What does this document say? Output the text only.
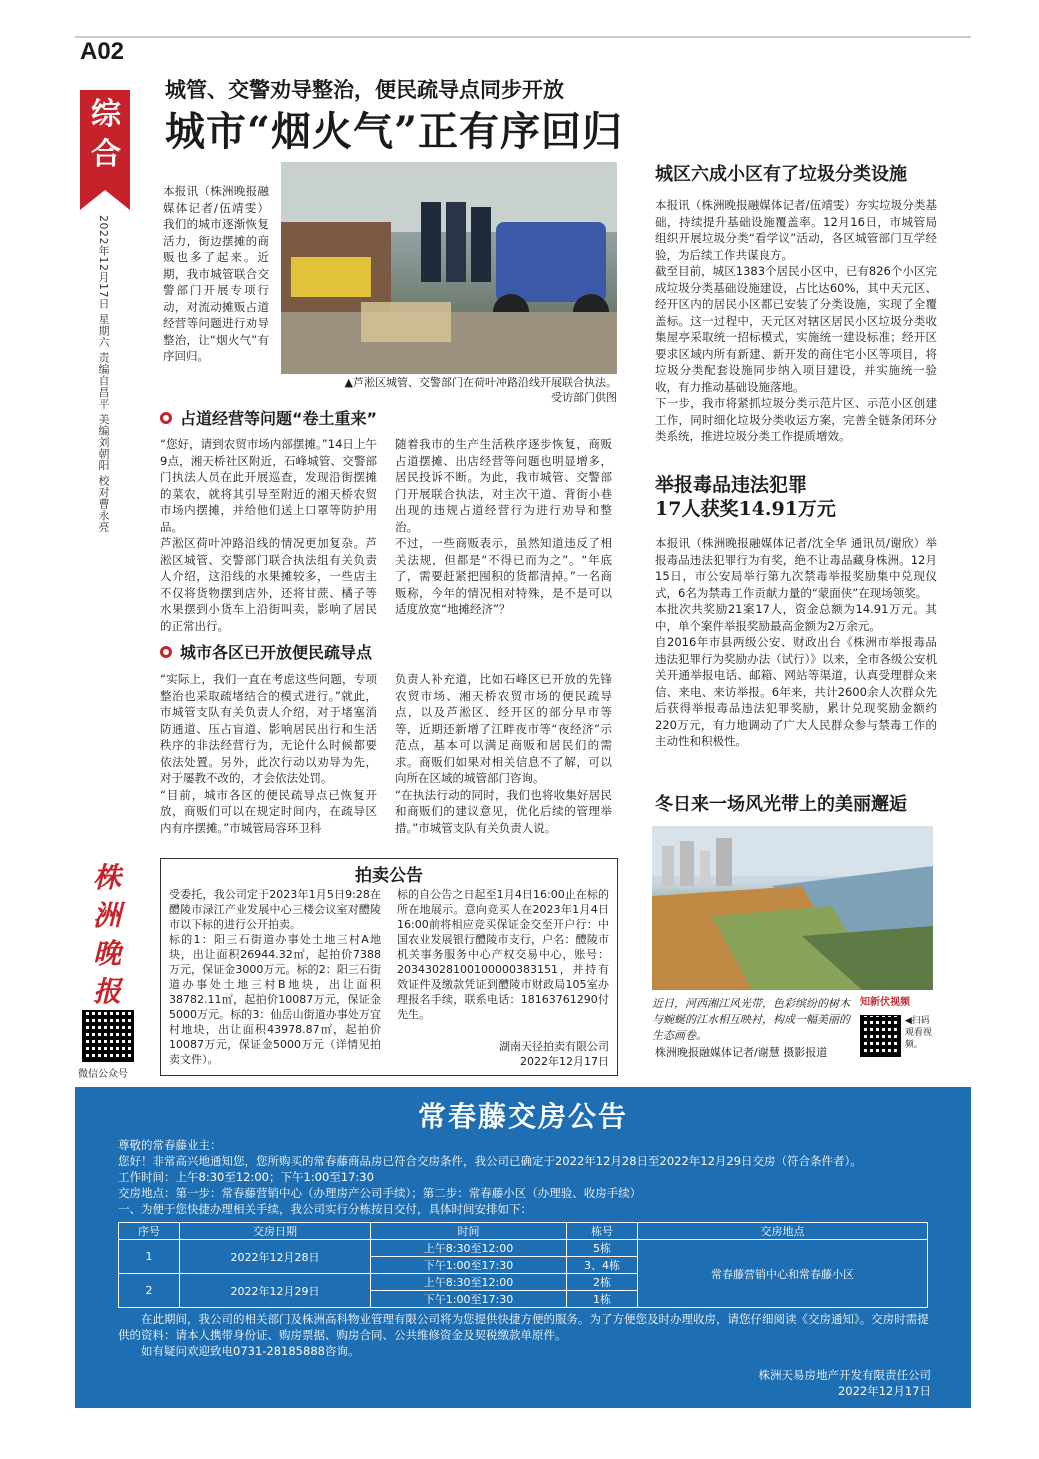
A02
综合
2022年12月17日 星期六 责编自昌平 美编刘朝阳 校对曹永亮
株
洲
晚
报
微信公众号
城管、交警劝导整治，便民疏导点同步开放
城市“烟火气”正有序回归
本报讯（株洲晚报融媒体记者/伍靖雯）我们的城市逐渐恢复活力，街边摆摊的商贩也多了起来。近期，我市城管联合交警部门开展专项行动，对流动摊贩占道经营等问题进行劝导整治，让“烟火气”有序回归。
▲芦淞区城管、交警部门在荷叶冲路沿线开展联合执法。
受访部门供图
占道经营等问题“卷土重来”
“您好，请到农贸市场内部摆摊。”14日上午9点，湘天桥社区附近，石峰城管、交警部门执法人员在此开展巡查，发现沿街摆摊的菜农，就将其引导至附近的湘天桥农贸市场内摆摊，并给他们送上口罩等防护用品。
芦淞区荷叶冲路沿线的情况更加复杂。芦淞区城管、交警部门联合执法组有关负责人介绍，这沿线的水果摊较多，一些店主不仅将货物摆到店外，还将甘蔗、橘子等水果摆到小货车上沿街叫卖，影响了居民的正常出行。
随着我市的生产生活秩序逐步恢复，商贩占道摆摊、出店经营等问题也明显增多，居民投诉不断。为此，我市城管、交警部门开展联合执法，对主次干道、背街小巷出现的违规占道经营行为进行劝导和整治。
不过，一些商贩表示，虽然知道违反了相关法规，但都是“不得已而为之”。“年底了，需要赶紧把囤积的货都清掉。”一名商贩称，今年的情况相对特殊，是不是可以适度放宽“地摊经济”？
城市各区已开放便民疏导点
“实际上，我们一直在考虑这些问题，专项整治也采取疏堵结合的模式进行。”就此，市城管支队有关负责人介绍，对于堵塞消防通道、压占盲道、影响居民出行和生活秩序的非法经营行为，无论什么时候都要依法处置。另外，此次行动以劝导为先，对于屡教不改的，才会依法处罚。
“目前，城市各区的便民疏导点已恢复开放，商贩们可以在规定时间内，在疏导区内有序摆摊。”市城管局容环卫科
负责人补充道，比如石峰区已开放的先锋农贸市场、湘天桥农贸市场的便民疏导点，以及芦淞区、经开区的部分早市等等，近期还新增了江畔夜市等“夜经济”示范点，基本可以满足商贩和居民们的需求。商贩们如果对相关信息不了解，可以向所在区域的城管部门咨询。
“在执法行动的同时，我们也将收集好居民和商贩们的建议意见，优化后续的管理举措。”市城管支队有关负责人说。
拍卖公告
受委托，我公司定于2023年1月5日9:28在醴陵市渌江产业发展中心三楼会议室对醴陵市以下标的进行公开拍卖。
标的1：阳三石街道办事处土地三村A地块，出让面积26944.32㎡，起拍价7388万元，保证金3000万元。标的2：阳三石街道办事处土地三村B地块，出让面积38782.11㎡，起拍价10087万元，保证金5000万元。标的3：仙岳山街道办事处万宜村地块，出让面积43978.87㎡，起拍价10087万元，保证金5000万元（详情见拍卖文件）。
标的自公告之日起至1月4日16:00止在标的所在地展示。意向竞买人在2023年1月4日16:00前将相应竞买保证金交至开户行：中国农业发展银行醴陵市支行，户名：醴陵市机关事务服务中心产权交易中心，账号：20343028100100000383151，并持有效证件及缴款凭证到醴陵市财政局105室办理报名手续，联系电话：18163761290付先生。
湖南天径拍卖有限公司
2022年12月17日
城区六成小区有了垃圾分类设施
本报讯（株洲晚报融媒体记者/伍靖雯）夯实垃圾分类基础，持续提升基础设施覆盖率。12月16日，市城管局组织开展垃圾分类“看学议”活动，各区城管部门互学经验，为后续工作共谋良方。
截至目前，城区1383个居民小区中，已有826个小区完成垃圾分类基础设施建设，占比达60%，其中天元区、经开区内的居民小区都已安装了分类设施，实现了全覆盖标。这一过程中，天元区对辖区居民小区垃圾分类收集屋亭采取统一招标模式，实施统一建设标准；经开区要求区域内所有新建、新开发的商住宅小区等项目，将垃圾分类配套设施同步纳入项目建设，并实施统一验收，有力推动基础设施落地。
下一步，我市将紧抓垃圾分类示范片区、示范小区创建工作，同时细化垃圾分类收运方案，完善全链条闭环分类系统，推进垃圾分类工作提质增效。
举报毒品违法犯罪
17人获奖14.91万元
本报讯（株洲晚报融媒体记者/沈全华 通讯员/谢欣）举报毒品违法犯罪行为有奖，绝不让毒品藏身株洲。12月15日，市公安局举行第九次禁毒举报奖励集中兑现仪式，6名为禁毒工作贡献力量的“蒙面侠”在现场领奖。
本批次共奖励21案17人，资金总额为14.91万元。其中，单个案件举报奖励最高金额为2万余元。
自2016年市县两级公安、财政出台《株洲市举报毒品违法犯罪行为奖励办法（试行）》以来，全市各级公安机关开通举报电话、邮箱、网站等渠道，认真受理群众来信、来电、来访举报。6年来，共计2600余人次群众先后获得举报毒品违法犯罪奖励，累计兑现奖励金额约220万元，有力地调动了广大人民群众参与禁毒工作的主动性和积极性。
冬日来一场风光带上的美丽邂逅
近日，河西湘江风光带，色彩缤纷的树木与蜿蜒的江水相互映衬，构成一幅美丽的生态画卷。
株洲晚报融媒体记者/谢慧 摄影报道
知新伏视频
◀扫码观看视频。
常春藤交房公告
尊敬的常春藤业主：
您好！非常高兴地通知您，您所购买的常春藤商品房已符合交房条件，我公司已确定于2022年12月28日至2022年12月29日交房（符合条件者）。
工作时间：上午8:30至12:00；下午1:00至17:30
交房地点：第一步：常春藤营销中心（办理房产公司手续）；第二步：常春藤小区（办理验、收房手续）
一、为便于您快捷办理相关手续，我公司实行分栋按日交付，具体时间安排如下：
序号	交房日期	时间	栋号	交房地点
1	2022年12月28日	上午8:30至12:00	5栋	常春藤营销中心和常春藤小区
		下午1:00至17:30	3、4栋	
2	2022年12月29日	上午8:30至12:00	2栋	
		下午1:00至17:30	1栋	
在此期间，我公司的相关部门及株洲高科物业管理有限公司将为您提供快捷方便的服务。为了方便您及时办理收房，请您仔细阅读《交房通知》。交房时需提供的资料：请本人携带身份证、购房票据、购房合同、公共维修资金及契税缴款单原件。
如有疑问欢迎致电0731-28185888咨询。
株洲天易房地产开发有限责任公司
2022年12月17日
